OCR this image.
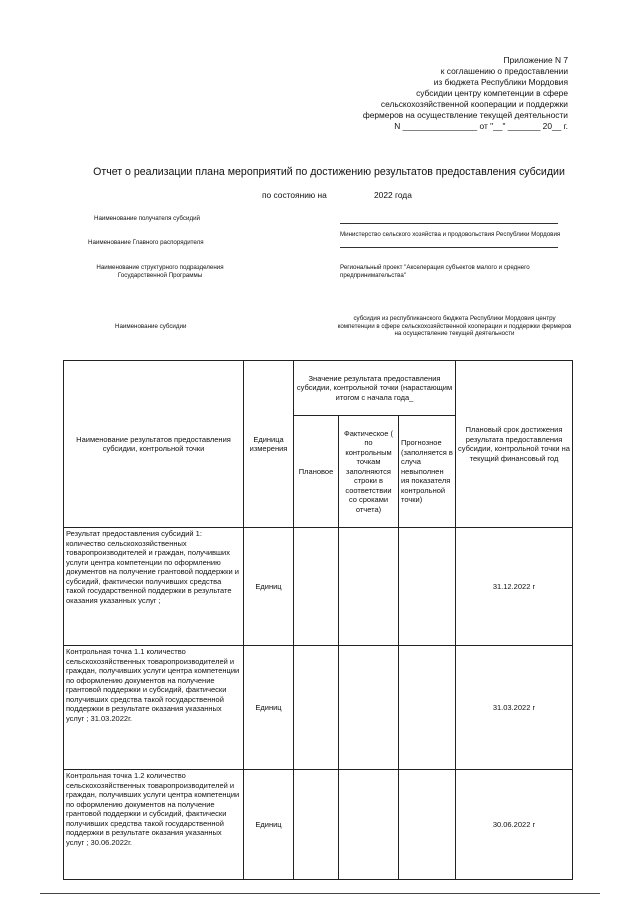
Приложение N 7
к соглашению о предоставлении
из бюджета Республики Мордовия
субсидии центру компетенции в сфере
сельскохозяйственной кооперации и поддержки
фермеров на осуществление текущей деятельности
N ________________ от "__" _______ 20__ г.
Отчет о реализации плана мероприятий по достижению результатов предоставления субсидии
по состоянию на	2022 года
Наименование получателя субсидий
Наименование Главного распорядителя
Министерство сельского хозяйства и продовольствия Республики Мордовия
Наименование структурного подразделения Государственной Программы
Региональный проект "Акселерация субъектов малого и среднего предпринимательства"
Наименование субсидии
субсидия из республиканского бюджета Республики Мордовия центру компетенции в сфере сельскохозяйственной кооперации и поддержки фермеров на осуществление текущей деятельности
Наименование результатов предоставления субсидии, контрольной точки	Единица измерения	Значение результата предоставления субсидии, контрольной точки (нарастающим итогом с начала года_			Плановый срок достижения результата предоставления субсидии, контрольной точки на текущий финансовый год
		Плановое	Фактическое ( по контрольным точкам заполняются строки в соответствии со сроками отчета)	Прогнозное (заполняется в случа невыполнен ия показателя контрольной точки)	
Результат предоставления субсидий 1: количество сельскохозяйственных товаропроизводителей и граждан, получивших услуги центра компетенции по оформлению документов на получение грантовой поддержки и субсидий, фактически получивших средства такой государственной поддержки в результате оказания указанных услуг ;	Единиц				31.12.2022 г
Контрольная точка 1.1 количество сельскохозяйственных товаропроизводителей и граждан, получивших услуги центра компетенции по оформлению документов на получение грантовой поддержки и субсидий, фактически получивших средства такой государственной поддержки в результате оказания указанных услуг ; 31.03.2022г.	Единиц				31.03.2022 г
Контрольная точка 1.2 количество сельскохозяйственных товаропроизводителей и граждан, получивших услуги центра компетенции по оформлению документов на получение грантовой поддержки и субсидий, фактически получивших средства такой государственной поддержки в результате оказания указанных услуг ; 30.06.2022г.	Единиц				30.06.2022 г
